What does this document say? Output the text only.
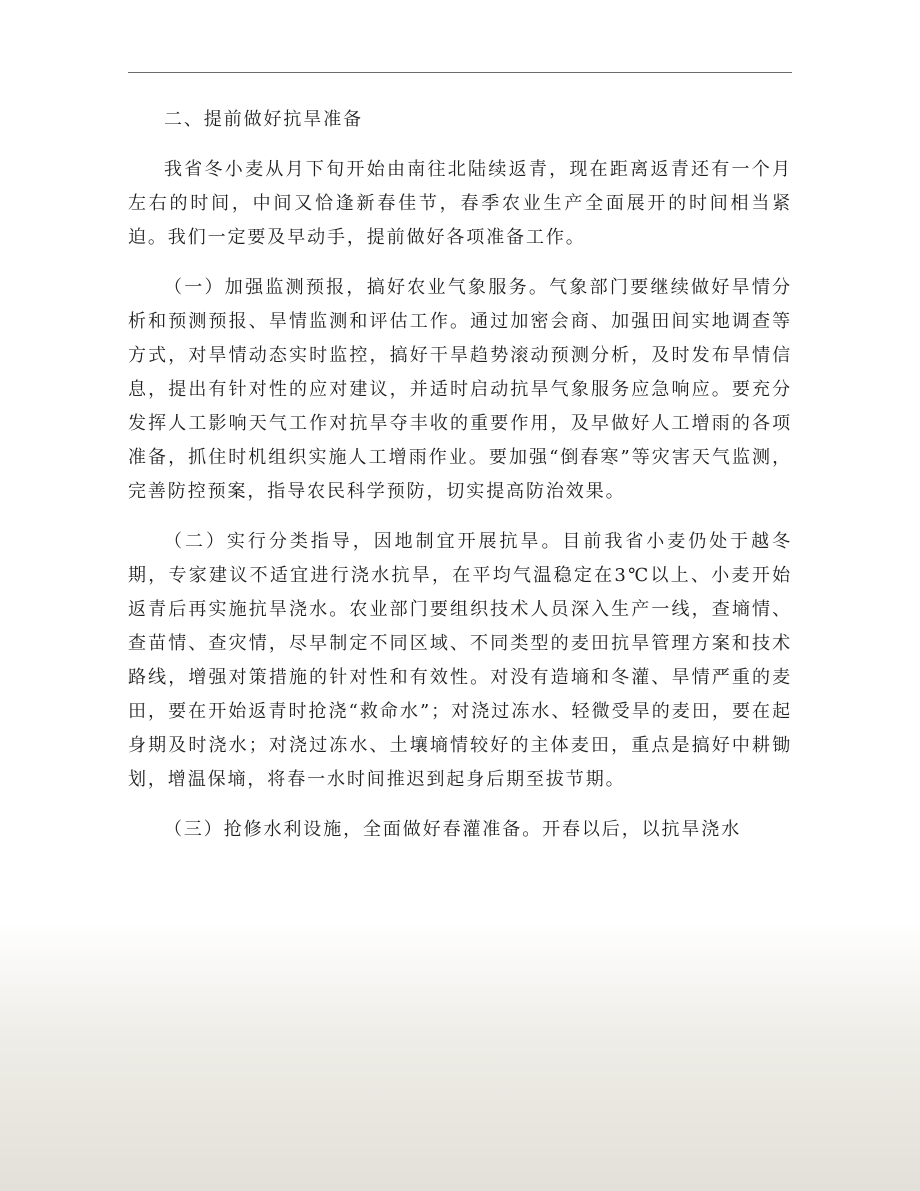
二、提前做好抗旱准备

我省冬小麦从月下旬开始由南往北陆续返青，现在距离返青还有一个月左右的时间，中间又恰逢新春佳节，春季农业生产全面展开的时间相当紧迫。我们一定要及早动手，提前做好各项准备工作。

（一）加强监测预报，搞好农业气象服务。气象部门要继续做好旱情分析和预测预报、旱情监测和评估工作。通过加密会商、加强田间实地调查等方式，对旱情动态实时监控，搞好干旱趋势滚动预测分析，及时发布旱情信息，提出有针对性的应对建议，并适时启动抗旱气象服务应急响应。要充分发挥人工影响天气工作对抗旱夺丰收的重要作用，及早做好人工增雨的各项准备，抓住时机组织实施人工增雨作业。要加强“倒春寒”等灾害天气监测，完善防控预案，指导农民科学预防，切实提高防治效果。

（二）实行分类指导，因地制宜开展抗旱。目前我省小麦仍处于越冬期，专家建议不适宜进行浇水抗旱，在平均气温稳定在3℃以上、小麦开始返青后再实施抗旱浇水。农业部门要组织技术人员深入生产一线，查墒情、查苗情、查灾情，尽早制定不同区域、不同类型的麦田抗旱管理方案和技术路线，增强对策措施的针对性和有效性。对没有造墒和冬灌、旱情严重的麦田，要在开始返青时抢浇“救命水”；对浇过冻水、轻微受旱的麦田，要在起身期及时浇水；对浇过冻水、土壤墒情较好的主体麦田，重点是搞好中耕锄划，增温保墒，将春一水时间推迟到起身后期至拔节期。

（三）抢修水利设施，全面做好春灌准备。开春以后，以抗旱浇水
